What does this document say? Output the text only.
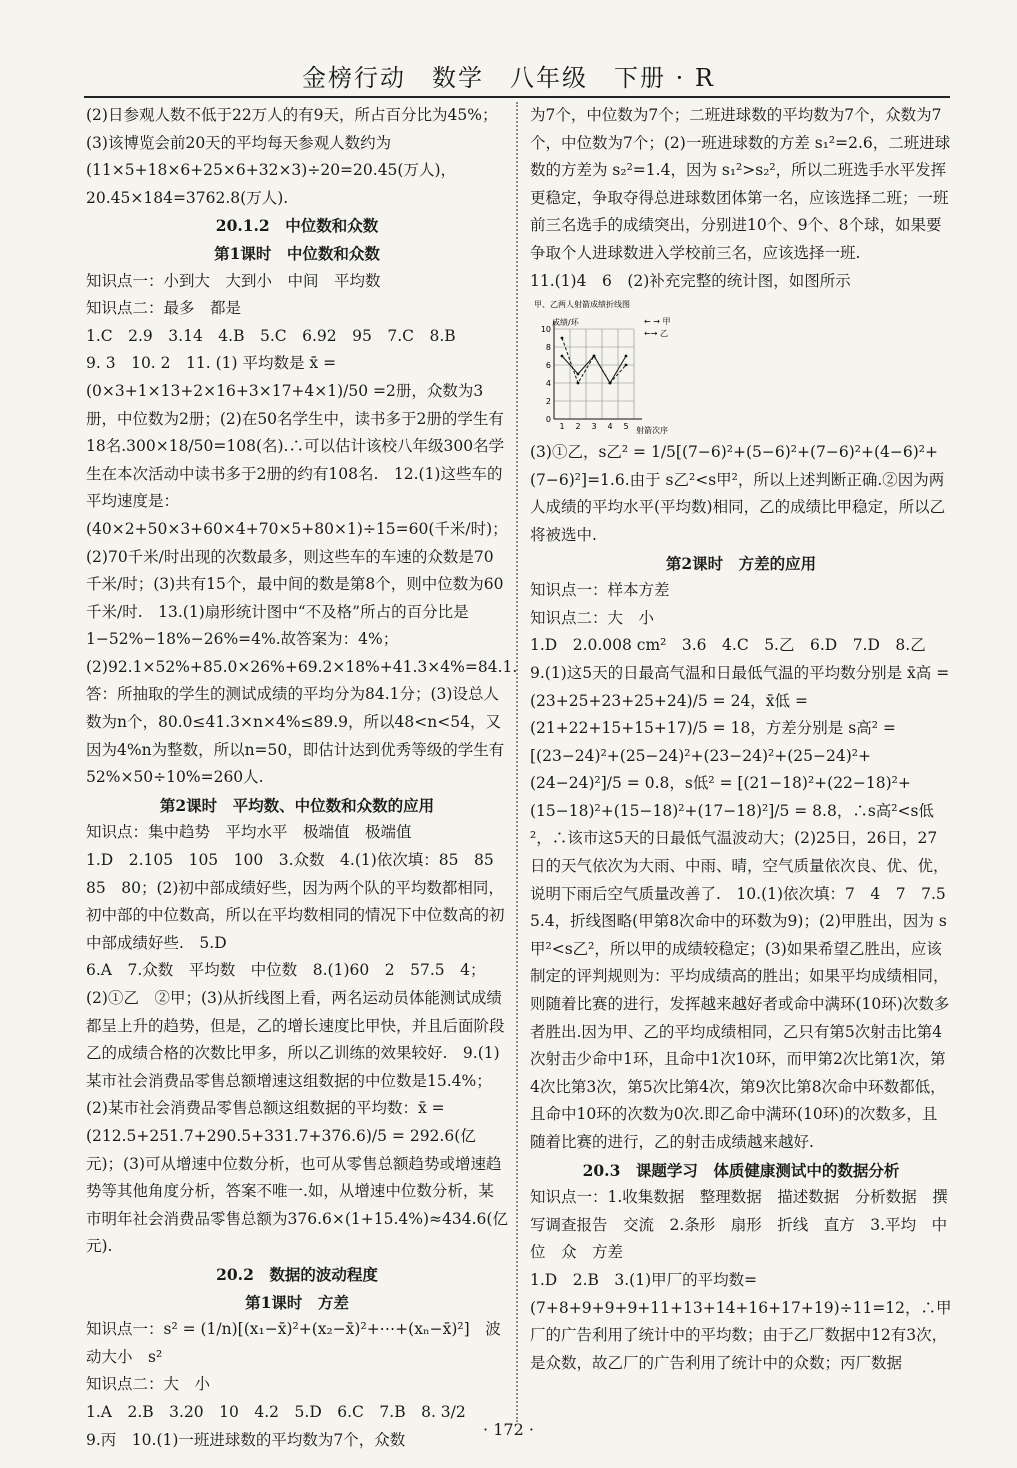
金榜行动　数学　八年级　下册 · R

(2)日参观人数不低于22万人的有9天，所占百分比为45%；(3)该博览会前20天的平均每天参观人数约为(11×5+18×6+25×6+32×3)÷20=20.45(万人)，20.45×184=3762.8(万人).

20.1.2　中位数和众数

第1课时　中位数和众数

知识点一：小到大　大到小　中间　平均数

知识点二：最多　都是

1.C　2.9　3.14　4.B　5.C　6.92　95　7.C　8.B

9. 3　10. 2　11. (1) 平均数是 x̄ = (0×3+1×13+2×16+3×17+4×1)/50 =2册，众数为3册，中位数为2册；(2)在50名学生中，读书多于2册的学生有18名.300×18/50=108(名).∴可以估计该校八年级300名学生在本次活动中读书多于2册的约有108名.　12.(1)这些车的平均速度是：(40×2+50×3+60×4+70×5+80×1)÷15=60(千米/时)；(2)70千米/时出现的次数最多，则这些车的车速的众数是70千米/时；(3)共有15个，最中间的数是第8个，则中位数为60千米/时.　13.(1)扇形统计图中“不及格”所占的百分比是1−52%−18%−26%=4%.故答案为：4%；(2)92.1×52%+85.0×26%+69.2×18%+41.3×4%=84.1.答：所抽取的学生的测试成绩的平均分为84.1分；(3)设总人数为n个，80.0≤41.3×n×4%≤89.9，所以48<n<54，又因为4%n为整数，所以n=50，即估计达到优秀等级的学生有52%×50÷10%=260人.

第2课时　平均数、中位数和众数的应用

知识点：集中趋势　平均水平　极端值　极端值

1.D　2.105　105　100　3.众数　4.(1)依次填：85　85　85　80；(2)初中部成绩好些，因为两个队的平均数都相同，初中部的中位数高，所以在平均数相同的情况下中位数高的初中部成绩好些.　5.D

6.A　7.众数　平均数　中位数　8.(1)60　2　57.5　4；(2)①乙　②甲；(3)从折线图上看，两名运动员体能测试成绩都呈上升的趋势，但是，乙的增长速度比甲快，并且后面阶段乙的成绩合格的次数比甲多，所以乙训练的效果较好.　9.(1)某市社会消费品零售总额增速这组数据的中位数是15.4%；(2)某市社会消费品零售总额这组数据的平均数：x̄ = (212.5+251.7+290.5+331.7+376.6)/5 = 292.6(亿元)；(3)可从增速中位数分析，也可从零售总额趋势或增速趋势等其他角度分析，答案不唯一.如，从增速中位数分析，某市明年社会消费品零售总额为376.6×(1+15.4%)≈434.6(亿元).

20.2　数据的波动程度

第1课时　方差

知识点一：s² = (1/n)[(x₁−x̄)²+(x₂−x̄)²+⋯+(xₙ−x̄)²]　波动大小　s²

知识点二：大　小

1.A　2.B　3.20　10　4.2　5.D　6.C　7.B　8. 3/2

9.丙　10.(1)一班进球数的平均数为7个，众数

为7个，中位数为7个；二班进球数的平均数为7个，众数为7个，中位数为7个；(2)一班进球数的方差 s₁²=2.6，二班进球数的方差为 s₂²=1.4，因为 s₁²>s₂²，所以二班选手水平发挥更稳定，争取夺得总进球数团体第一名，应该选择二班；一班前三名选手的成绩突出，分别进10个、9个、8个球，如果要争取个人进球数进入学校前三名，应该选择一班.

11.(1)4　6　(2)补充完整的统计图，如图所示

甲、乙两人射箭成绩折线图
成绩/环	← → 甲
←→ 乙
射箭次序
0
2
4
6
8
10
1 2 3 4 5

(3)①乙，s乙² = 1/5[(7−6)²+(5−6)²+(7−6)²+(4−6)²+(7−6)²]=1.6.由于 s乙²<s甲²，所以上述判断正确.②因为两人成绩的平均水平(平均数)相同，乙的成绩比甲稳定，所以乙将被选中.

第2课时　方差的应用

知识点一：样本方差

知识点二：大　小

1.D　2.0.008 cm²　3.6　4.C　5.乙　6.D　7.D　8.乙　9.(1)这5天的日最高气温和日最低气温的平均数分别是 x̄高 = (23+25+23+25+24)/5 = 24，x̄低 = (21+22+15+15+17)/5 = 18，方差分别是 s高² = [(23−24)²+(25−24)²+(23−24)²+(25−24)²+(24−24)²]/5 = 0.8，s低² = [(21−18)²+(22−18)²+(15−18)²+(15−18)²+(17−18)²]/5 = 8.8，∴s高²<s低²，∴该市这5天的日最低气温波动大；(2)25日，26日，27日的天气依次为大雨、中雨、晴，空气质量依次良、优、优，说明下雨后空气质量改善了.　10.(1)依次填：7　4　7　7.5　5.4，折线图略(甲第8次命中的环数为9)；(2)甲胜出，因为 s甲²<s乙²，所以甲的成绩较稳定；(3)如果希望乙胜出，应该制定的评判规则为：平均成绩高的胜出；如果平均成绩相同，则随着比赛的进行，发挥越来越好者或命中满环(10环)次数多者胜出.因为甲、乙的平均成绩相同，乙只有第5次射击比第4次射击少命中1环，且命中1次10环，而甲第2次比第1次，第4次比第3次，第5次比第4次，第9次比第8次命中环数都低，且命中10环的次数为0次.即乙命中满环(10环)的次数多，且随着比赛的进行，乙的射击成绩越来越好.

20.3　课题学习　体质健康测试中的数据分析

知识点一：1.收集数据　整理数据　描述数据　分析数据　撰写调查报告　交流　2.条形　扇形　折线　直方　3.平均　中位　众　方差

1.D　2.B　3.(1)甲厂的平均数=(7+8+9+9+9+11+13+14+16+17+19)÷11=12，∴甲厂的广告利用了统计中的平均数；由于乙厂数据中12有3次，是众数，故乙厂的广告利用了统计中的众数；丙厂数据

· 172 ·
